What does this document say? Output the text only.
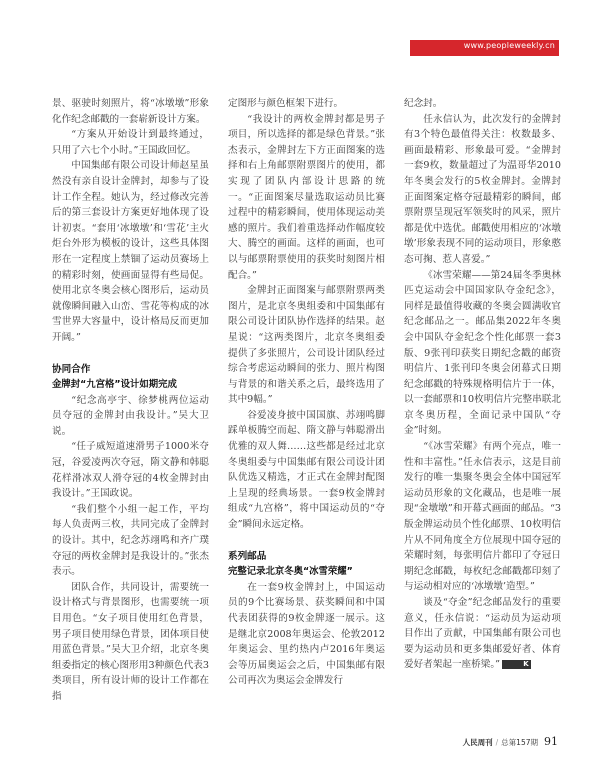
www.peopleweekly.cn

景、驱驶时刻照片，将“冰墩墩”形象化作纪念邮戳的一套崭新设计方案。

“方案从开始设计到最终通过，只用了六七个小时。”王国政回忆。

中国集邮有限公司设计师赵星虽然没有亲自设计金牌封，却参与了设计工作全程。她认为，经过修改完善后的第三套设计方案更好地体现了设计初衷。“套用‘冰墩墩’和‘雪花’主火炬台外形为模板的设计，这些具体图形在一定程度上禁锢了运动员赛场上的精彩时刻，使画面显得有些局促。使用北京冬奥会核心图形后，运动员就像瞬间融入山峦、雪花等构成的冰雪世界大容量中，设计格局反而更加开阔。”

协同合作

金牌封“九宫格”设计如期完成

“纪念高亭宇、徐梦桃两位运动员夺冠的金牌封由我设计。”吴大卫说。

“任子威短道速滑男子1000米夺冠，谷爱凌两次夺冠，隋文静和韩聪花样滑冰双人滑夺冠的4枚金牌封由我设计。”王国政说。

“我们整个小组一起工作，平均每人负责两三枚，共同完成了金牌封的设计。其中，纪念苏翊鸣和齐广璞夺冠的两枚金牌封是我设计的。”张杰表示。

团队合作，共同设计，需要统一设计格式与背景图形，也需要统一项目用色。“女子项目使用红色背景，男子项目使用绿色背景，团体项目使用蓝色背景。”吴大卫介绍，北京冬奥组委指定的核心图形用3种颜色代表3类项目，所有设计师的设计工作都在指

定图形与颜色框架下进行。

“我设计的两枚金牌封都是男子项目，所以选择的都是绿色背景。”张杰表示，金牌封左下方正面图案的选择和右上角邮票附票图片的使用，都实现了团队内部设计思路的统一。“正面图案尽量选取运动员比赛过程中的精彩瞬间，使用体现运动美感的照片。我们着重选择动作幅度较大、腾空的画面。这样的画面，也可以与邮票附票使用的获奖时刻图片相配合。”

金牌封正面图案与邮票附票两类图片，是北京冬奥组委和中国集邮有限公司设计团队协作选择的结果。赵星说：“这两类图片，北京冬奥组委提供了多张照片，公司设计团队经过综合考虑运动瞬间的张力、照片构图与背景的和谐关系之后，最终选用了其中9幅。”

谷爱凌身披中国国旗、苏翊鸣脚踩单板腾空而起、隋文静与韩聪滑出优雅的双人舞……这些都是经过北京冬奥组委与中国集邮有限公司设计团队优选又精选，才正式在金牌封配图上呈现的经典场景。一套9枚金牌封组成“九宫格”，将中国运动员的“夺金”瞬间永远定格。

系列邮品

完整记录北京冬奥“冰雪荣耀”

在一套9枚金牌封上，中国运动员的9个比赛场景、获奖瞬间和中国代表团获得的9枚金牌逐一展示。这是继北京2008年奥运会、伦敦2012年奥运会、里约热内卢2016年奥运会等历届奥运会之后，中国集邮有限公司再次为奥运会金牌发行

纪念封。

任永信认为，此次发行的金牌封有3个特色最值得关注：枚数最多、画面最精彩、形象最可爱。“金牌封一套9枚，数量超过了为温哥华2010年冬奥会发行的5枚金牌封。金牌封正面图案定格夺冠最精彩的瞬间，邮票附票呈现冠军领奖时的风采，照片都是优中选优。邮戳使用相应的‘冰墩墩’形象表现不同的运动项目，形象憨态可掬、惹人喜爱。”

《冰雪荣耀——第24届冬季奥林匹克运动会中国国家队夺金纪念》，同样是最值得收藏的冬奥会圆满收官纪念邮品之一。邮品集2022年冬奥会中国队夺金纪念个性化邮票一套3版、9张刊印获奖日期纪念戳的邮资明信片、1张刊印冬奥会闭幕式日期纪念邮戳的特殊规格明信片于一体，以一套邮票和10枚明信片完整串联北京冬奥历程，全面记录中国队“夺金”时刻。

“《冰雪荣耀》有两个亮点，唯一性和丰富性。”任永信表示，这是目前发行的唯一集聚冬奥会全体中国冠军运动员形象的文化藏品，也是唯一展现“金墩墩”和开幕式画面的邮品。“3版金牌运动员个性化邮票、10枚明信片从不同角度全方位展现中国夺冠的荣耀时刻，每张明信片都印了夺冠日期纪念邮戳，每枚纪念邮戳都印刻了与运动相对应的‘冰墩墩’造型。”

谈及“夺金”纪念邮品发行的重要意义，任永信说：“运动员为运动项目作出了贡献，中国集邮有限公司也要为运动员和更多集邮爱好者、体育爱好者架起一座桥梁。” K

人民周刊 / 总第157期 91
